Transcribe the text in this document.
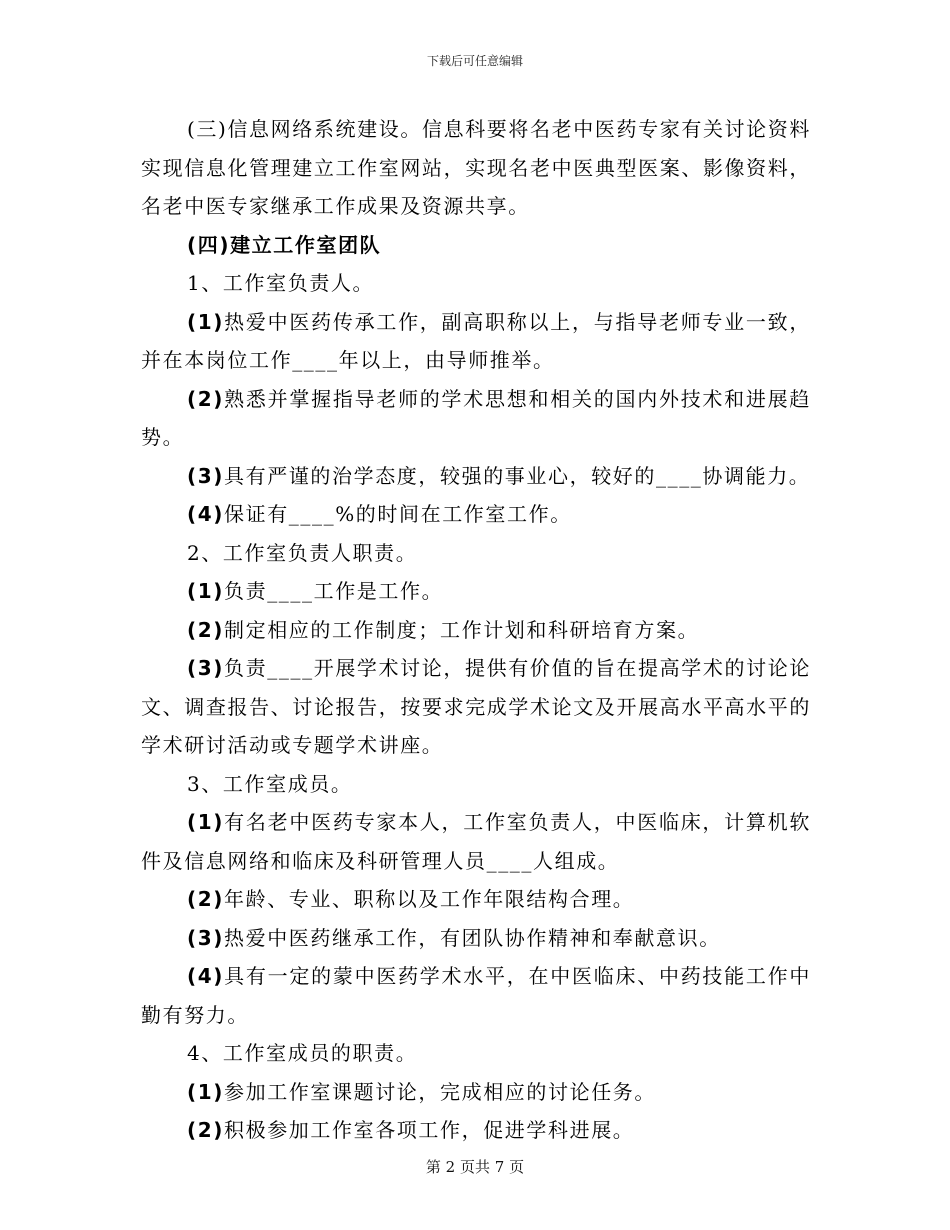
下载后可任意编辑

(三)信息网络系统建设。信息科要将名老中医药专家有关讨论资料实现信息化管理建立工作室网站，实现名老中医典型医案、影像资料，名老中医专家继承工作成果及资源共享。

(四)建立工作室团队

1、工作室负责人。

(1)热爱中医药传承工作，副高职称以上，与指导老师专业一致，并在本岗位工作____年以上，由导师推举。

(2)熟悉并掌握指导老师的学术思想和相关的国内外技术和进展趋势。

(3)具有严谨的治学态度，较强的事业心，较好的____协调能力。

(4)保证有____%的时间在工作室工作。

2、工作室负责人职责。

(1)负责____工作是工作。

(2)制定相应的工作制度；工作计划和科研培育方案。

(3)负责____开展学术讨论，提供有价值的旨在提高学术的讨论论文、调查报告、讨论报告，按要求完成学术论文及开展高水平高水平的学术研讨活动或专题学术讲座。

3、工作室成员。

(1)有名老中医药专家本人，工作室负责人，中医临床，计算机软件及信息网络和临床及科研管理人员____人组成。

(2)年龄、专业、职称以及工作年限结构合理。

(3)热爱中医药继承工作，有团队协作精神和奉献意识。

(4)具有一定的蒙中医药学术水平，在中医临床、中药技能工作中勤有努力。

4、工作室成员的职责。

(1)参加工作室课题讨论，完成相应的讨论任务。

(2)积极参加工作室各项工作，促进学科进展。

第 2 页共 7 页
